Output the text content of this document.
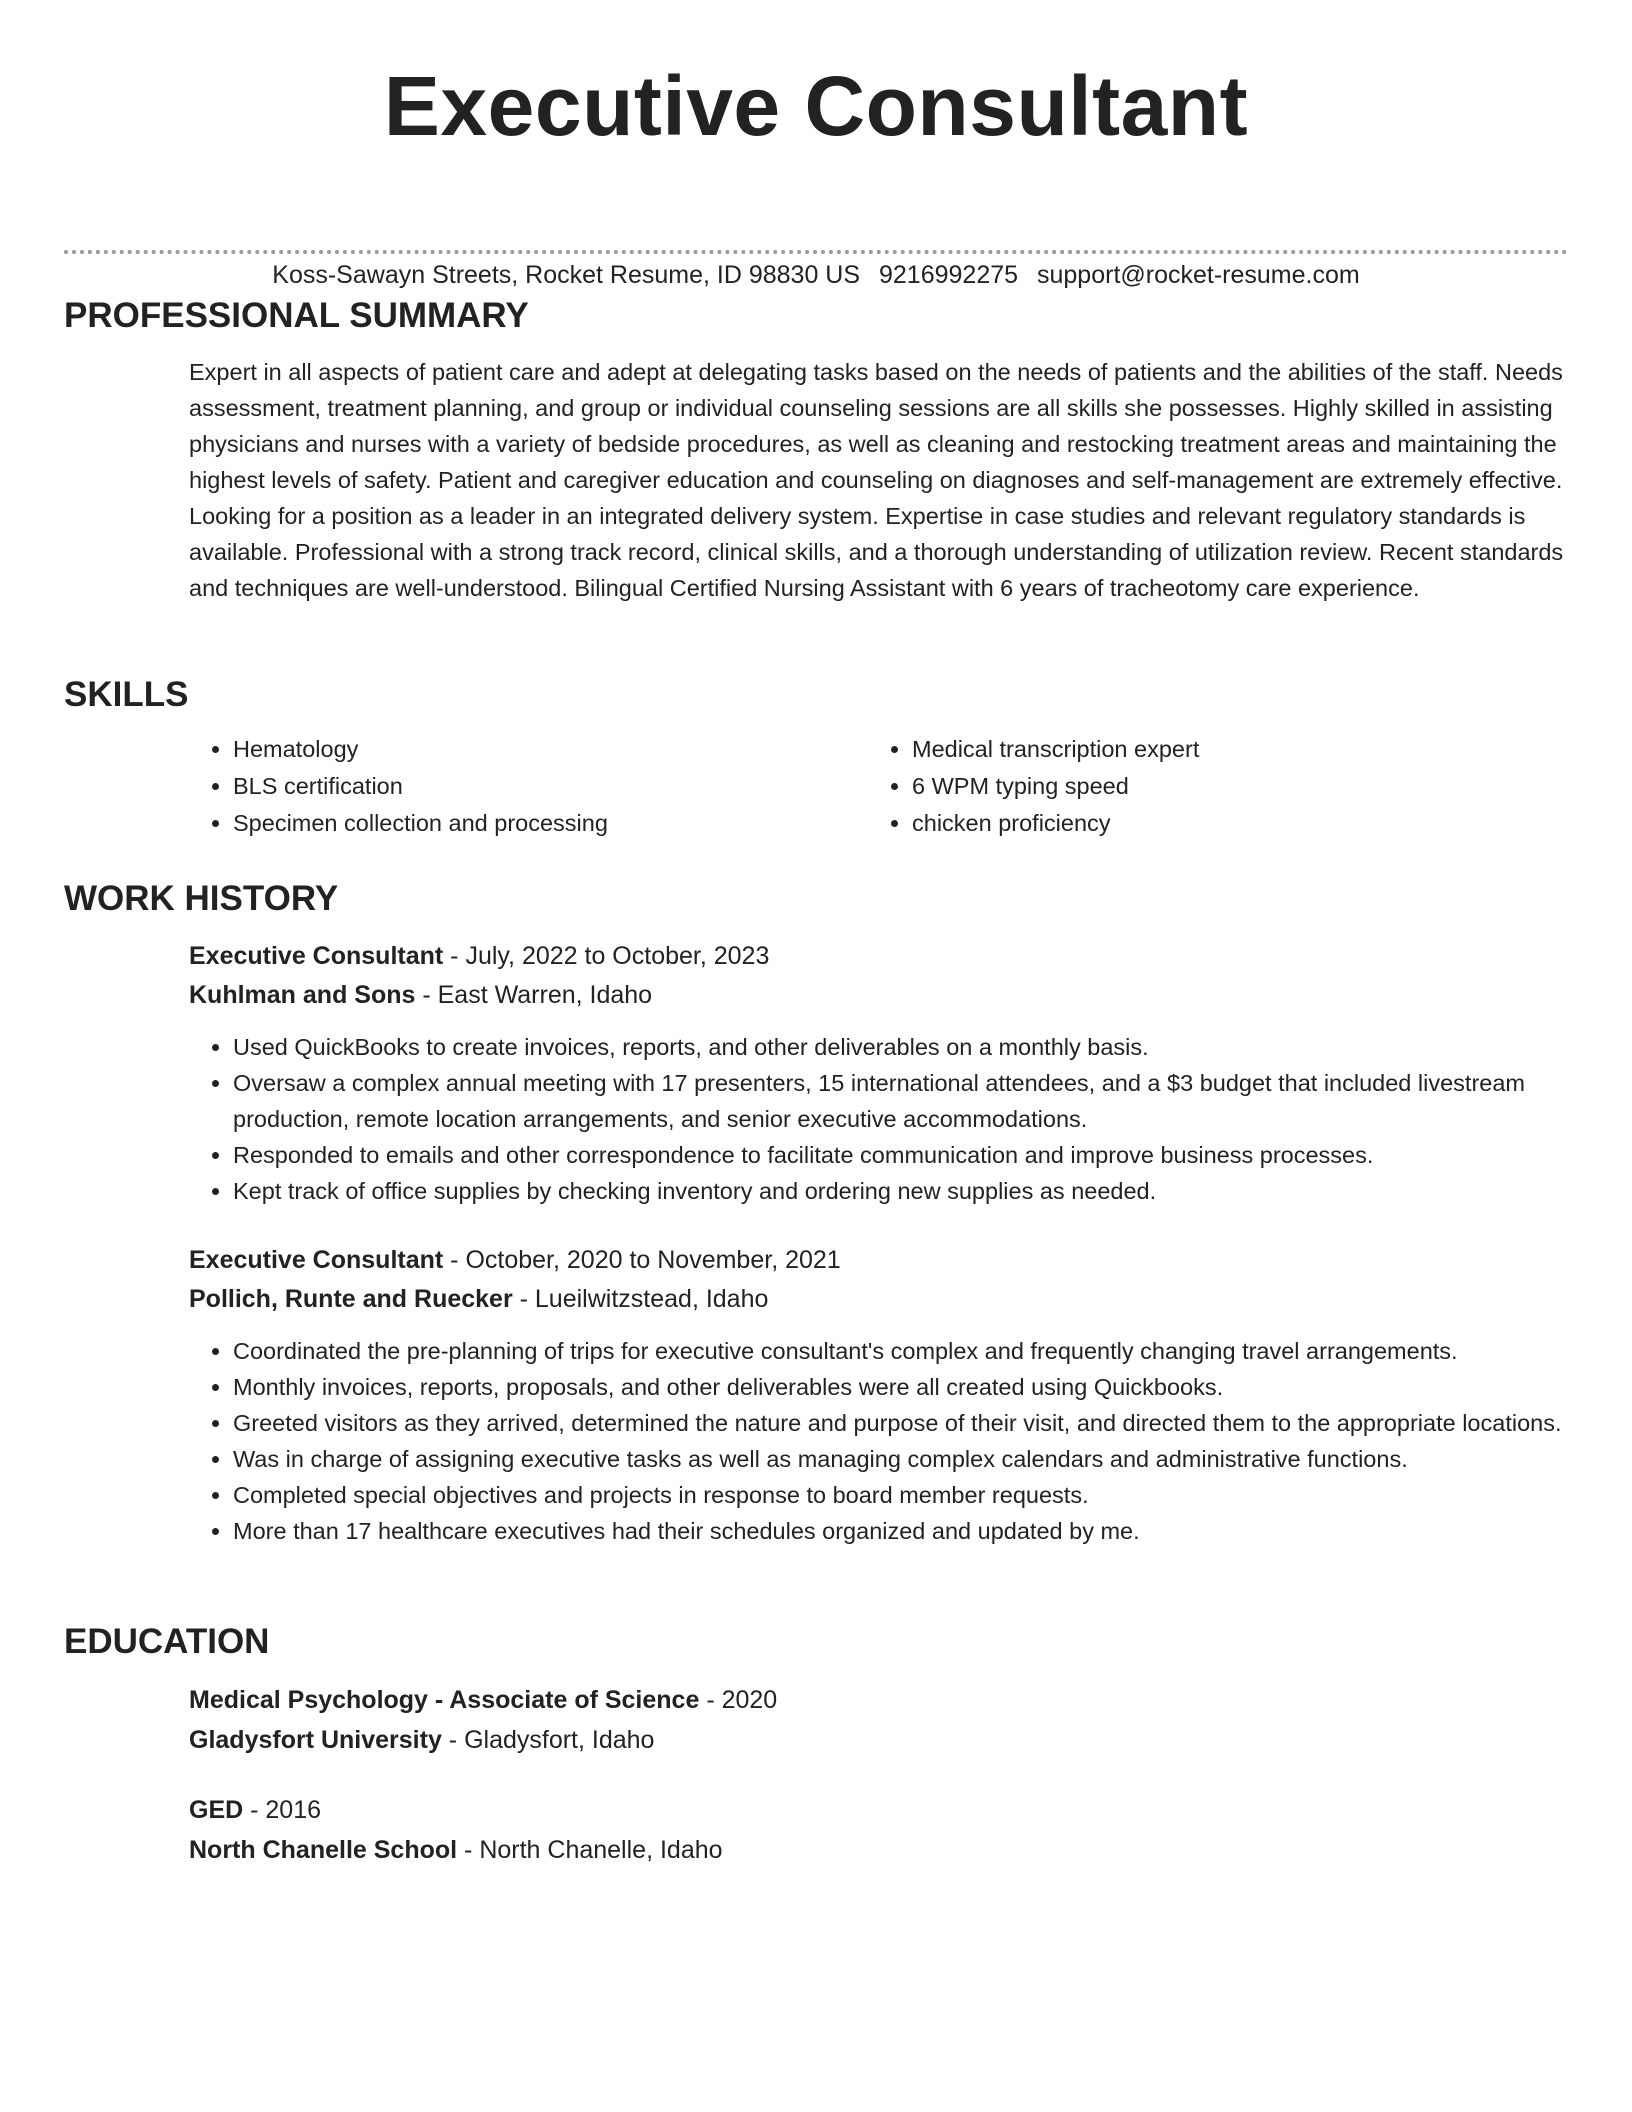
Executive Consultant
Koss-Sawayn Streets, Rocket Resume, ID 98830 US 9216992275 support@rocket-resume.com
PROFESSIONAL SUMMARY

Expert in all aspects of patient care and adept at delegating tasks based on the needs of patients and the abilities of the staff. Needs assessment, treatment planning, and group or individual counseling sessions are all skills she possesses. Highly skilled in assisting physicians and nurses with a variety of bedside procedures, as well as cleaning and restocking treatment areas and maintaining the highest levels of safety. Patient and caregiver education and counseling on diagnoses and self-management are extremely effective. Looking for a position as a leader in an integrated delivery system. Expertise in case studies and relevant regulatory standards is available. Professional with a strong track record, clinical skills, and a thorough understanding of utilization review. Recent standards and techniques are well-understood. Bilingual Certified Nursing Assistant with 6 years of tracheotomy care experience.

SKILLS
• Hematology
• BLS certification
• Specimen collection and processing
• Medical transcription expert
• 6 WPM typing speed
• chicken proficiency
WORK HISTORY
Executive Consultant - July, 2022 to October, 2023
Kuhlman and Sons - East Warren, Idaho
• Used QuickBooks to create invoices, reports, and other deliverables on a monthly basis.
• Oversaw a complex annual meeting with 17 presenters, 15 international attendees, and a $3 budget that included livestream production, remote location arrangements, and senior executive accommodations.
• Responded to emails and other correspondence to facilitate communication and improve business processes.
• Kept track of office supplies by checking inventory and ordering new supplies as needed.
Executive Consultant - October, 2020 to November, 2021
Pollich, Runte and Ruecker - Lueilwitzstead, Idaho
• Coordinated the pre-planning of trips for executive consultant's complex and frequently changing travel arrangements.
• Monthly invoices, reports, proposals, and other deliverables were all created using Quickbooks.
• Greeted visitors as they arrived, determined the nature and purpose of their visit, and directed them to the appropriate locations.
• Was in charge of assigning executive tasks as well as managing complex calendars and administrative functions.
• Completed special objectives and projects in response to board member requests.
• More than 17 healthcare executives had their schedules organized and updated by me.
EDUCATION
Medical Psychology - Associate of Science - 2020
Gladysfort University - Gladysfort, Idaho
GED - 2016
North Chanelle School - North Chanelle, Idaho
